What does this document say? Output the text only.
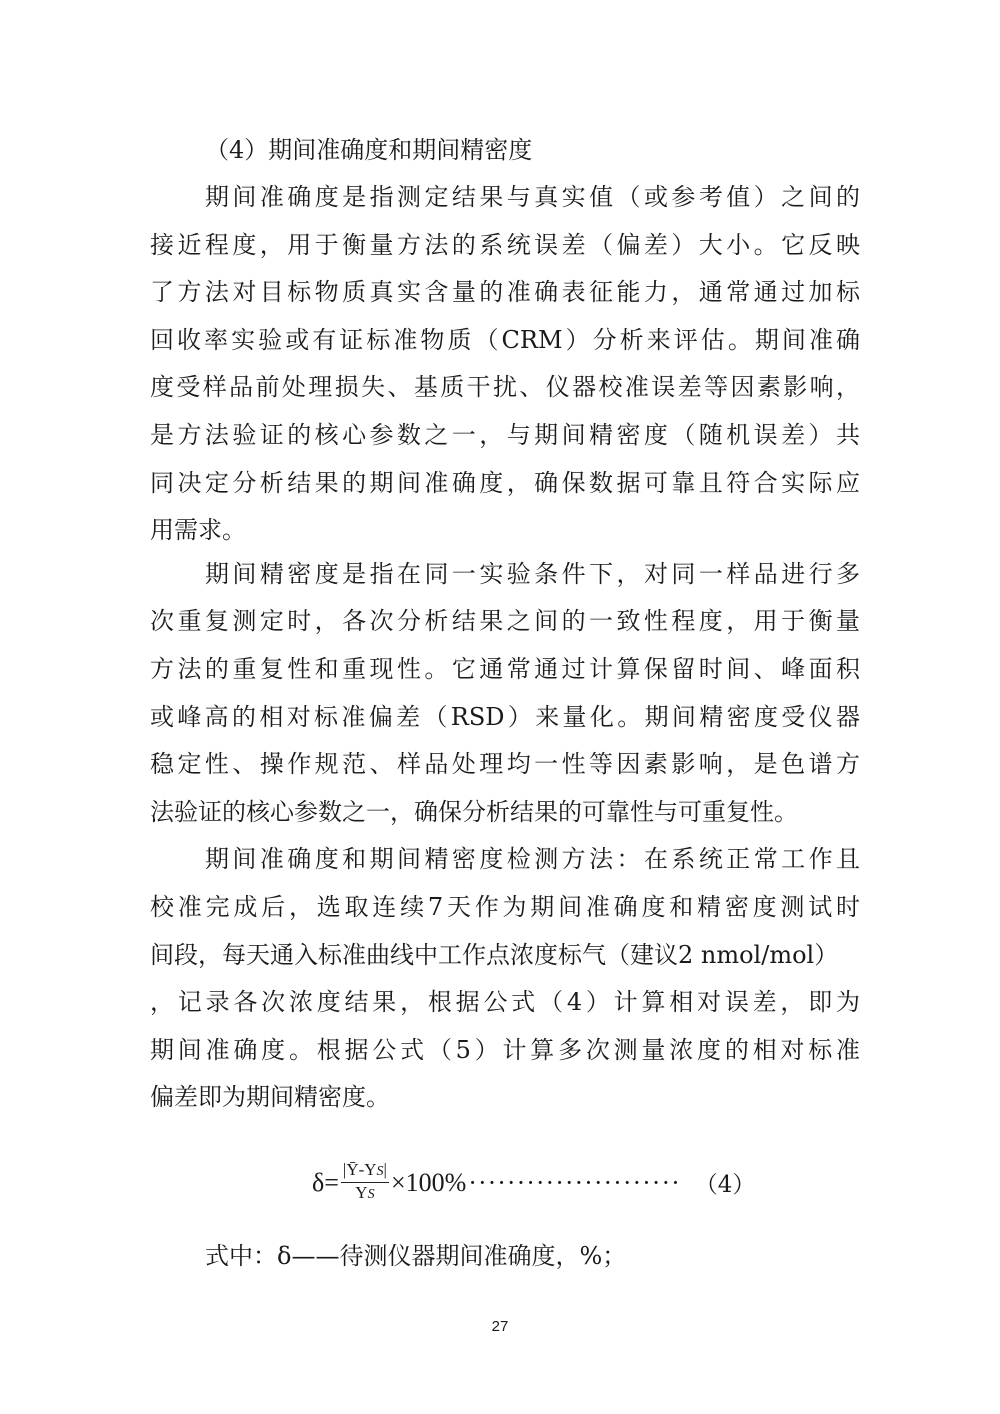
（4）期间准确度和期间精密度
期间准确度是指测定结果与真实值（或参考值）之间的
接近程度，用于衡量方法的系统误差（偏差）大小。它反映
了方法对目标物质真实含量的准确表征能力，通常通过加标
回收率实验或有证标准物质（CRM）分析来评估。期间准确
度受样品前处理损失、基质干扰、仪器校准误差等因素影响，
是方法验证的核心参数之一，与期间精密度（随机误差）共
同决定分析结果的期间准确度，确保数据可靠且符合实际应
用需求。
期间精密度是指在同一实验条件下，对同一样品进行多
次重复测定时，各次分析结果之间的一致性程度，用于衡量
方法的重复性和重现性。它通常通过计算保留时间、峰面积
或峰高的相对标准偏差（RSD）来量化。期间精密度受仪器
稳定性、操作规范、样品处理均一性等因素影响，是色谱方
法验证的核心参数之一，确保分析结果的可靠性与可重复性。
期间准确度和期间精密度检测方法：在系统正常工作且
校准完成后，选取连续7天作为期间准确度和精密度测试时
间段，每天通入标准曲线中工作点浓度标气（建议2 nmol/mol）
，记录各次浓度结果，根据公式（4）计算相对误差，即为
期间准确度。根据公式（5）计算多次测量浓度的相对标准
偏差即为期间精密度。
$\delta= \frac{|Ȳ-YS|}{YS} \times 100\%$ ······················ （4）
式中：δ——待测仪器期间准确度，%；
27
